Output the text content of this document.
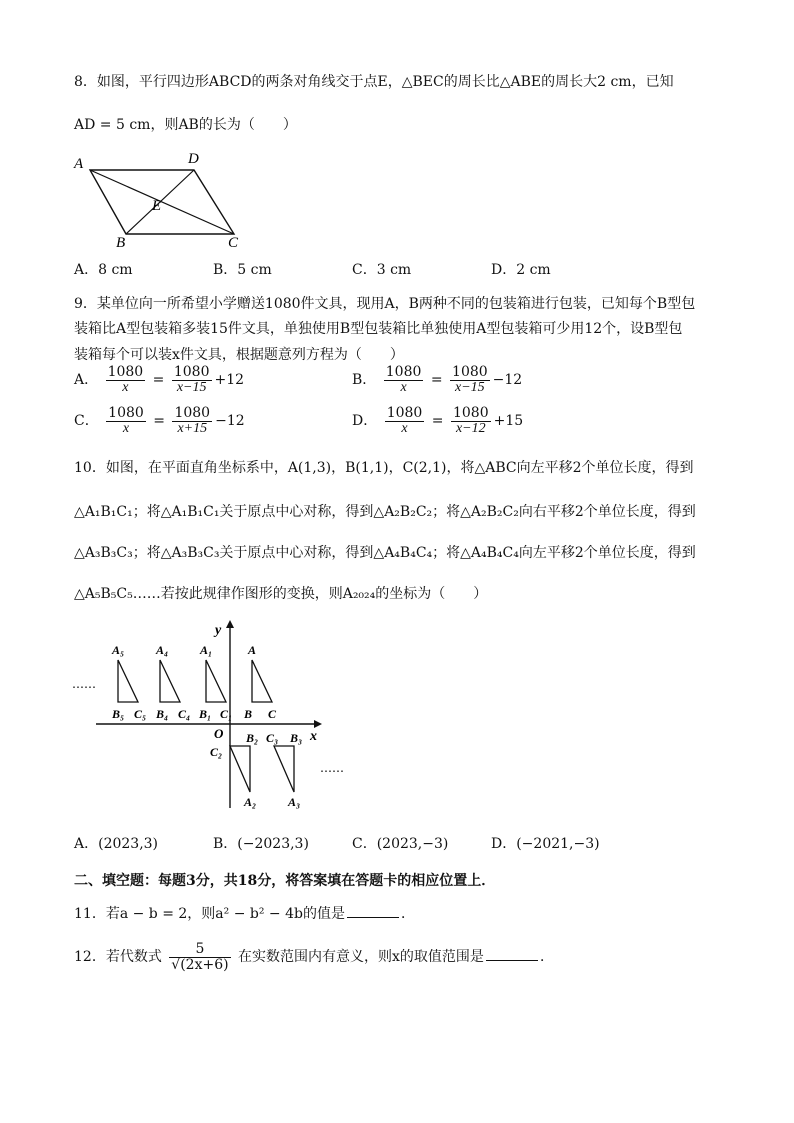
8．如图，平行四边形ABCD的两条对角线交于点E，△BEC的周长比△ABE的周长大2 cm，已知
AD = 5 cm，则AB的长为（　　）
A	D
E
B	C
A．8 cm	B．5 cm	C．3 cm	D．2 cm
9．某单位向一所希望小学赠送1080件文具，现用A，B两种不同的包装箱进行包装，已知每个B型包
装箱比A型包装箱多装15件文具，单独使用B型包装箱比单独使用A型包装箱可少用12个，设B型包
装箱每个可以装x件文具，根据题意列方程为（　　）
A． $\frac{1080}{x} = \frac{1080}{x-15} +12$	B． $\frac{1080}{x} = \frac{1080}{x-15} -12$
C． $\frac{1080}{x} = \frac{1080}{x+15} -12$	D． $\frac{1080}{x} = \frac{1080}{x-12} +15$
10．如图，在平面直角坐标系中，A(1,3)，B(1,1)，C(2,1)，将△ABC向左平移2个单位长度，得到
△A₁B₁C₁；将△A₁B₁C₁关于原点中心对称，得到△A₂B₂C₂；将△A₂B₂C₂向右平移2个单位长度，得到
△A₃B₃C₃；将△A₃B₃C₃关于原点中心对称，得到△A₄B₄C₄；将△A₄B₄C₄向左平移2个单位长度，得到
△A₅B₅C₅……若按此规律作图形的变换，则A₂₀₂₄的坐标为（　　）
y
x
O
A₅	A₄	A₁	A
B₅ C₅ B₄ C₄ B₁ C₁ B C
C₂
B₂ C₃ B₃
A₂	A₃
……
……
A．(2023,3)	B．(−2023,3)	C．(2023,−3)	D．(−2021,−3)
二、填空题：每题3分，共18分，将答案填在答题卡的相应位置上．
11．若a − b = 2，则a² − b² − 4b的值是	．
12．若代数式 $\frac{5}{√(2x+6)}$ 在实数范围内有意义，则x的取值范围是	．
